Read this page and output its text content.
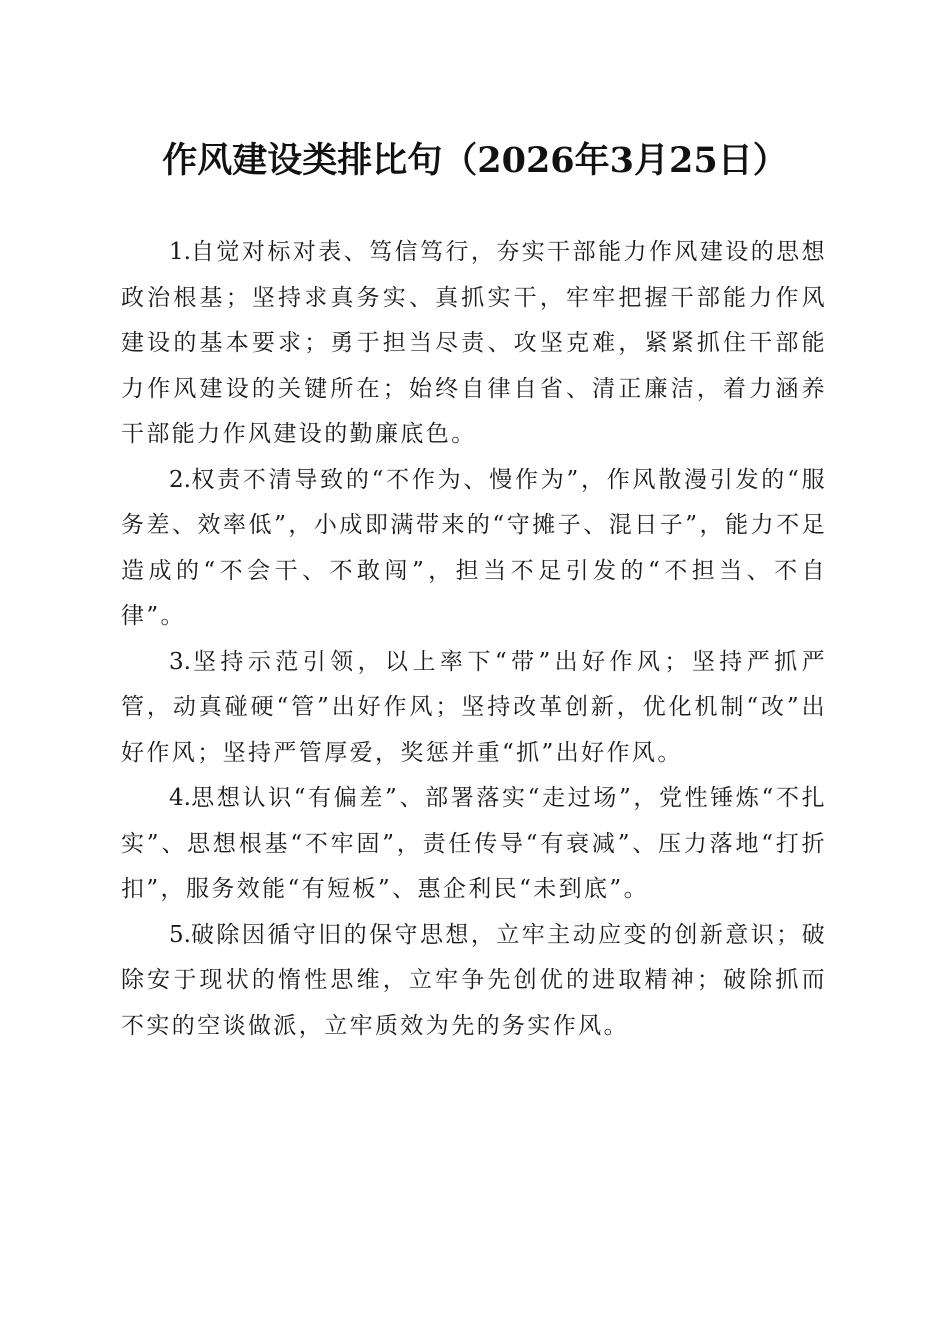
作风建设类排比句（2026年3月25日）

1.自觉对标对表、笃信笃行，夯实干部能力作风建设的思想政治根基；坚持求真务实、真抓实干，牢牢把握干部能力作风建设的基本要求；勇于担当尽责、攻坚克难，紧紧抓住干部能力作风建设的关键所在；始终自律自省、清正廉洁，着力涵养干部能力作风建设的勤廉底色。

2.权责不清导致的“不作为、慢作为”，作风散漫引发的“服务差、效率低”，小成即满带来的“守摊子、混日子”，能力不足造成的“不会干、不敢闯”，担当不足引发的“不担当、不自律”。

3.坚持示范引领，以上率下“带”出好作风；坚持严抓严管，动真碰硬“管”出好作风；坚持改革创新，优化机制“改”出好作风；坚持严管厚爱，奖惩并重“抓”出好作风。

4.思想认识“有偏差”、部署落实“走过场”，党性锤炼“不扎实”、思想根基“不牢固”，责任传导“有衰减”、压力落地“打折扣”，服务效能“有短板”、惠企利民“未到底”。

5.破除因循守旧的保守思想，立牢主动应变的创新意识；破除安于现状的惰性思维，立牢争先创优的进取精神；破除抓而不实的空谈做派，立牢质效为先的务实作风。
